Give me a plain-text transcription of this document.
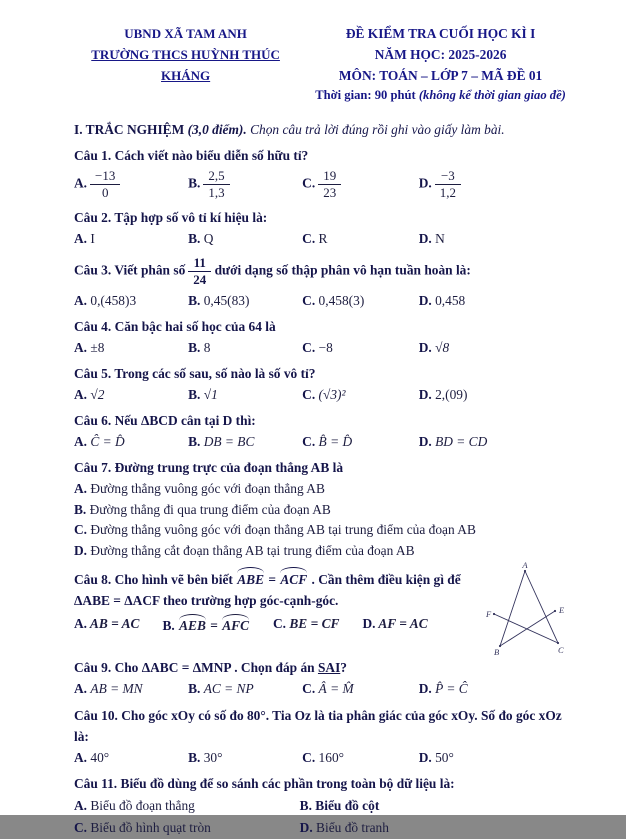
UBND XÃ TAM ANH
TRƯỜNG THCS HUỲNH THÚC KHÁNG
ĐỀ KIỂM TRA CUỐI HỌC KÌ I
NĂM HỌC: 2025-2026
MÔN: TOÁN – LỚP 7 – MÃ ĐỀ 01
Thời gian: 90 phút (không kể thời gian giao đề)
I. TRẮC NGHIỆM (3,0 điểm). Chọn câu trả lời đúng rồi ghi vào giấy làm bài.
Câu 1. Cách viết nào biểu diễn số hữu tỉ?
A. $\frac{-13}{0}$	B. $\frac{2,5}{1,3}$	C. $\frac{19}{23}$	D. $\frac{-3}{1,2}$
Câu 2. Tập hợp số vô tỉ kí hiệu là:
A. I	B. Q	C. R	D. N
Câu 3. Viết phân số $\frac{11}{24}$ dưới dạng số thập phân vô hạn tuần hoàn là:
A. 0,(458)3	B. 0,45(83)	C. 0,458(3)	D. 0,458
Câu 4. Căn bậc hai số học của 64 là
A. ±8	B. 8	C. −8	D. √8
Câu 5. Trong các số sau, số nào là số vô tỉ?
A. √2	B. √1	C. (√3)²	D. 2,(09)
Câu 6. Nếu ΔBCD cân tại D thì:
A. Ĉ = D̂	B. DB = BC	C. B̂ = D̂	D. BD = CD
Câu 7. Đường trung trực của đoạn thẳng AB là
A. Đường thẳng vuông góc với đoạn thẳng AB
B. Đường thẳng đi qua trung điểm của đoạn AB
C. Đường thẳng vuông góc với đoạn thẳng AB tại trung điểm của đoạn AB
D. Đường thẳng cắt đoạn thẳng AB tại trung điểm của đoạn AB
A
F	E
B	C
Câu 8. Cho hình vẽ bên biết ABE = ACF . Cần thêm điều kiện gì để ΔABE = ΔACF theo trường hợp góc-cạnh-góc.
A. AB = AC B. AEB = AFC C. BE = CF D. AF = AC
Câu 9. Cho ΔABC = ΔMNP . Chọn đáp án SAI?
A. AB = MN	B. AC = NP	C. Â = M̂	D. P̂ = Ĉ
Câu 10. Cho góc xOy có số đo 80°. Tia Oz là tia phân giác của góc xOy. Số đo góc xOz là:
A. 40°	B. 30°	C. 160°	D. 50°
Câu 11. Biểu đồ dùng để so sánh các phần trong toàn bộ dữ liệu là:
A. Biểu đồ đoạn thẳng	B. Biểu đồ cột
C. Biểu đồ hình quạt tròn	D. Biểu đồ tranh
